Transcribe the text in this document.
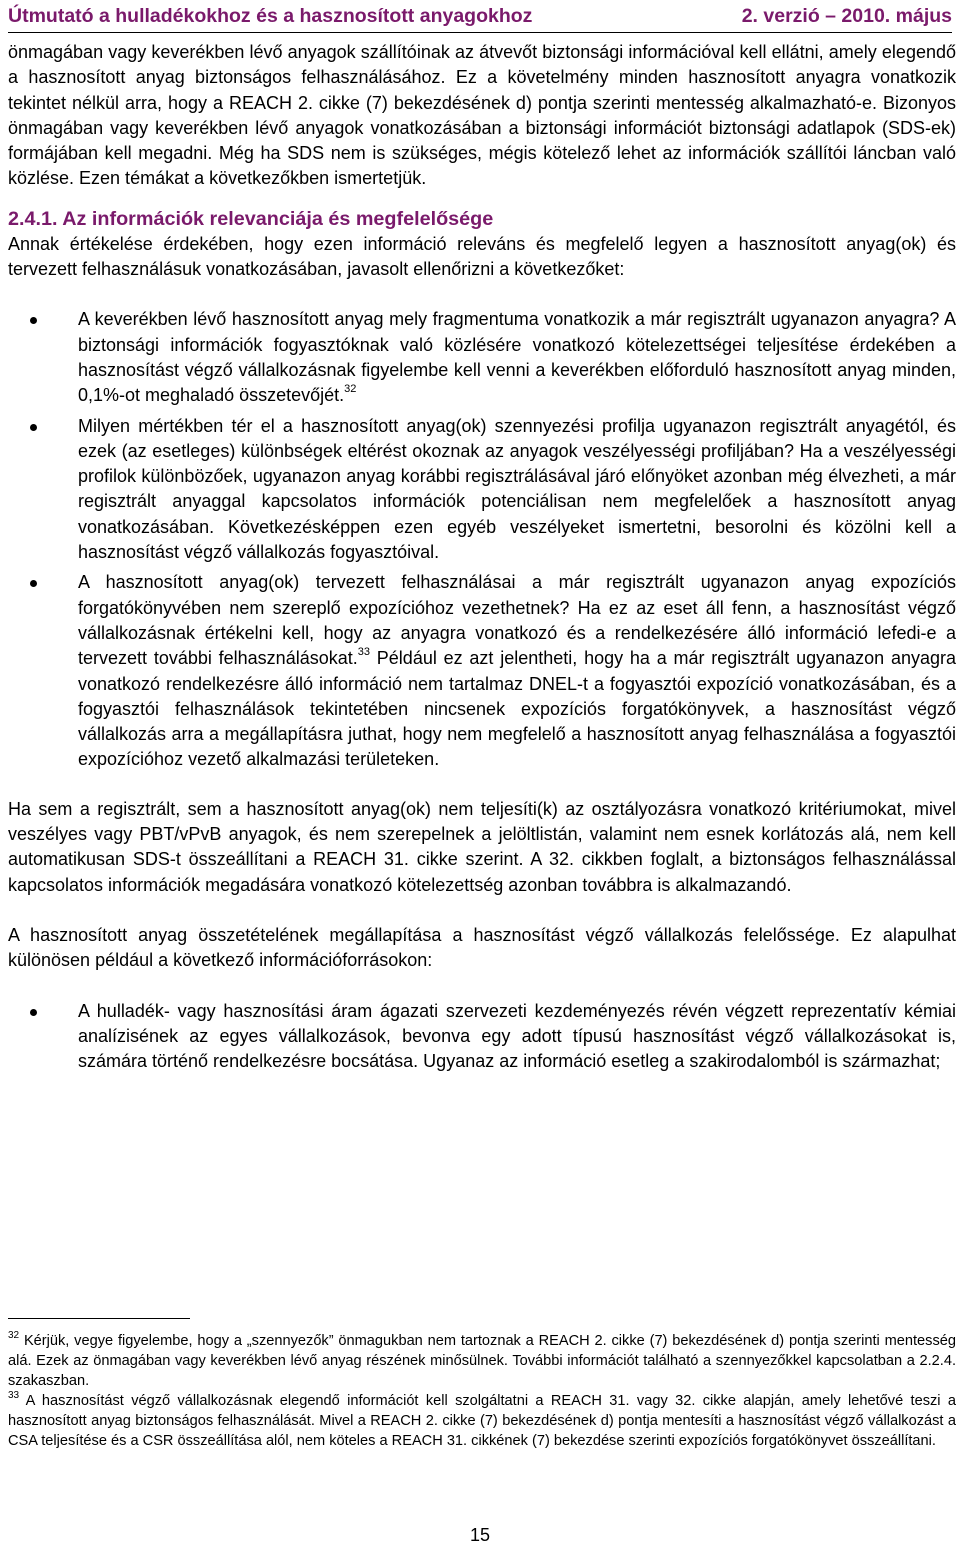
Útmutató a hulladékokhoz és a hasznosított anyagokhoz	2. verzió – 2010. május

önmagában vagy keverékben lévő anyagok szállítóinak az átvevőt biztonsági információval kell ellátni, amely elegendő a hasznosított anyag biztonságos felhasználásához. Ez a követelmény minden hasznosított anyagra vonatkozik tekintet nélkül arra, hogy a REACH 2. cikke (7) bekezdésének d) pontja szerinti mentesség alkalmazható-e. Bizonyos önmagában vagy keverékben lévő anyagok vonatkozásában a biztonsági információt biztonsági adatlapok (SDS-ek) formájában kell megadni. Még ha SDS nem is szükséges, mégis kötelező lehet az információk szállítói láncban való közlése. Ezen témákat a következőkben ismertetjük.

2.4.1. Az információk relevanciája és megfelelősége

Annak értékelése érdekében, hogy ezen információ releváns és megfelelő legyen a hasznosított anyag(ok) és tervezett felhasználásuk vonatkozásában, javasolt ellenőrizni a következőket:

A keverékben lévő hasznosított anyag mely fragmentuma vonatkozik a már regisztrált ugyanazon anyagra? A biztonsági információk fogyasztóknak való közlésére vonatkozó kötelezettségei teljesítése érdekében a hasznosítást végző vállalkozásnak figyelembe kell venni a keverékben előforduló hasznosított anyag minden, 0,1%-ot meghaladó összetevőjét.$^{32}$
Milyen mértékben tér el a hasznosított anyag(ok) szennyezési profilja ugyanazon regisztrált anyagétól, és ezek (az esetleges) különbségek eltérést okoznak az anyagok veszélyességi profiljában? Ha a veszélyességi profilok különbözőek, ugyanazon anyag korábbi regisztrálásával járó előnyöket azonban még élvezheti, a már regisztrált anyaggal kapcsolatos információk potenciálisan nem megfelelőek a hasznosított anyag vonatkozásában. Következésképpen ezen egyéb veszélyeket ismertetni, besorolni és közölni kell a hasznosítást végző vállalkozás fogyasztóival.
A hasznosított anyag(ok) tervezett felhasználásai a már regisztrált ugyanazon anyag expozíciós forgatókönyvében nem szereplő expozícióhoz vezethetnek? Ha ez az eset áll fenn, a hasznosítást végző vállalkozásnak értékelni kell, hogy az anyagra vonatkozó és a rendelkezésére álló információ lefedi-e a tervezett további felhasználásokat.$^{33}$ Például ez azt jelentheti, hogy ha a már regisztrált ugyanazon anyagra vonatkozó rendelkezésre álló információ nem tartalmaz DNEL-t a fogyasztói expozíció vonatkozásában, és a fogyasztói felhasználások tekintetében nincsenek expozíciós forgatókönyvek, a hasznosítást végző vállalkozás arra a megállapításra juthat, hogy nem megfelelő a hasznosított anyag felhasználása a fogyasztói expozícióhoz vezető alkalmazási területeken.

Ha sem a regisztrált, sem a hasznosított anyag(ok) nem teljesíti(k) az osztályozásra vonatkozó kritériumokat, mivel veszélyes vagy PBT/vPvB anyagok, és nem szerepelnek a jelöltlistán, valamint nem esnek korlátozás alá, nem kell automatikusan SDS-t összeállítani a REACH 31. cikke szerint. A 32. cikkben foglalt, a biztonságos felhasználással kapcsolatos információk megadására vonatkozó kötelezettség azonban továbbra is alkalmazandó.

A hasznosított anyag összetételének megállapítása a hasznosítást végző vállalkozás felelőssége. Ez alapulhat különösen például a következő információforrásokon:

A hulladék- vagy hasznosítási áram ágazati szervezeti kezdeményezés révén végzett reprezentatív kémiai analízisének az egyes vállalkozások, bevonva egy adott típusú hasznosítást végző vállalkozásokat is, számára történő rendelkezésre bocsátása. Ugyanaz az információ esetleg a szakirodalomból is származhat;

$^{32}$ Kérjük, vegye figyelembe, hogy a „szennyezők” önmagukban nem tartoznak a REACH 2. cikke (7) bekezdésének d) pontja szerinti mentesség alá. Ezek az önmagában vagy keverékben lévő anyag részének minősülnek. További információt található a szennyezőkkel kapcsolatban a 2.2.4. szakaszban.

$^{33}$ A hasznosítást végző vállalkozásnak elegendő információt kell szolgáltatni a REACH 31. vagy 32. cikke alapján, amely lehetővé teszi a hasznosított anyag biztonságos felhasználását. Mivel a REACH 2. cikke (7) bekezdésének d) pontja mentesíti a hasznosítást végző vállalkozást a CSA teljesítése és a CSR összeállítása alól, nem köteles a REACH 31. cikkének (7) bekezdése szerinti expozíciós forgatókönyvet összeállítani.

15
